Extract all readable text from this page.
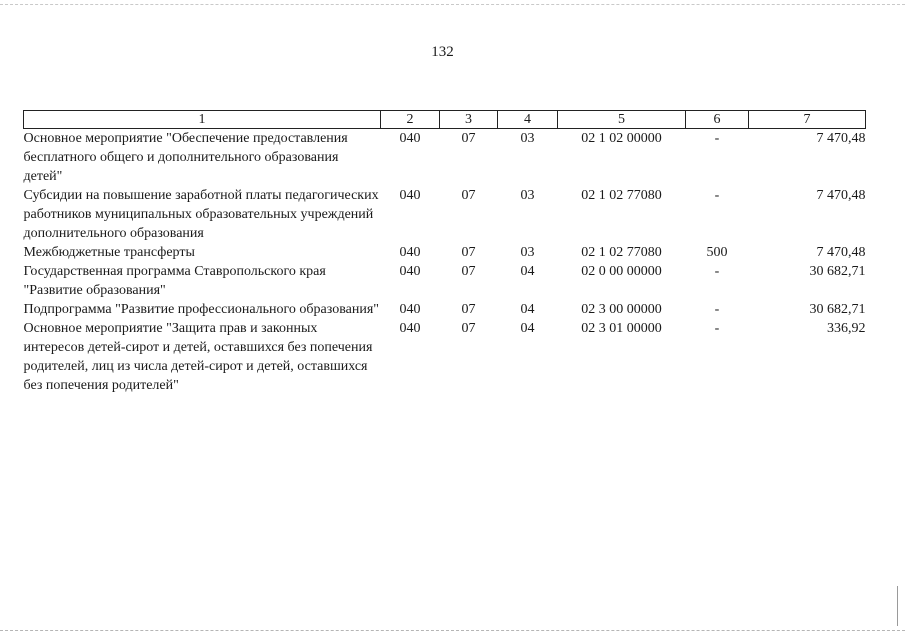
132
1	2	3	4	5	6	7
Основное мероприятие "Обеспечение предоставления бесплатного общего и дополнительного образования детей"	040	07	03	02 1 02 00000	-	7 470,48
Субсидии на повышение заработной платы педагогических работников муниципальных образовательных учреждений дополнительного образования	040	07	03	02 1 02 77080	-	7 470,48
Межбюджетные трансферты	040	07	03	02 1 02 77080	500	7 470,48
Государственная программа Ставропольского края "Развитие образования"	040	07	04	02 0 00 00000	-	30 682,71
Подпрограмма "Развитие профессионального образования"	040	07	04	02 3 00 00000	-	30 682,71
Основное мероприятие "Защита прав и законных интересов детей-сирот и детей, оставшихся без попечения родителей, лиц из числа детей-сирот и детей, оставшихся без попечения родителей"	040	07	04	02 3 01 00000	-	336,92
